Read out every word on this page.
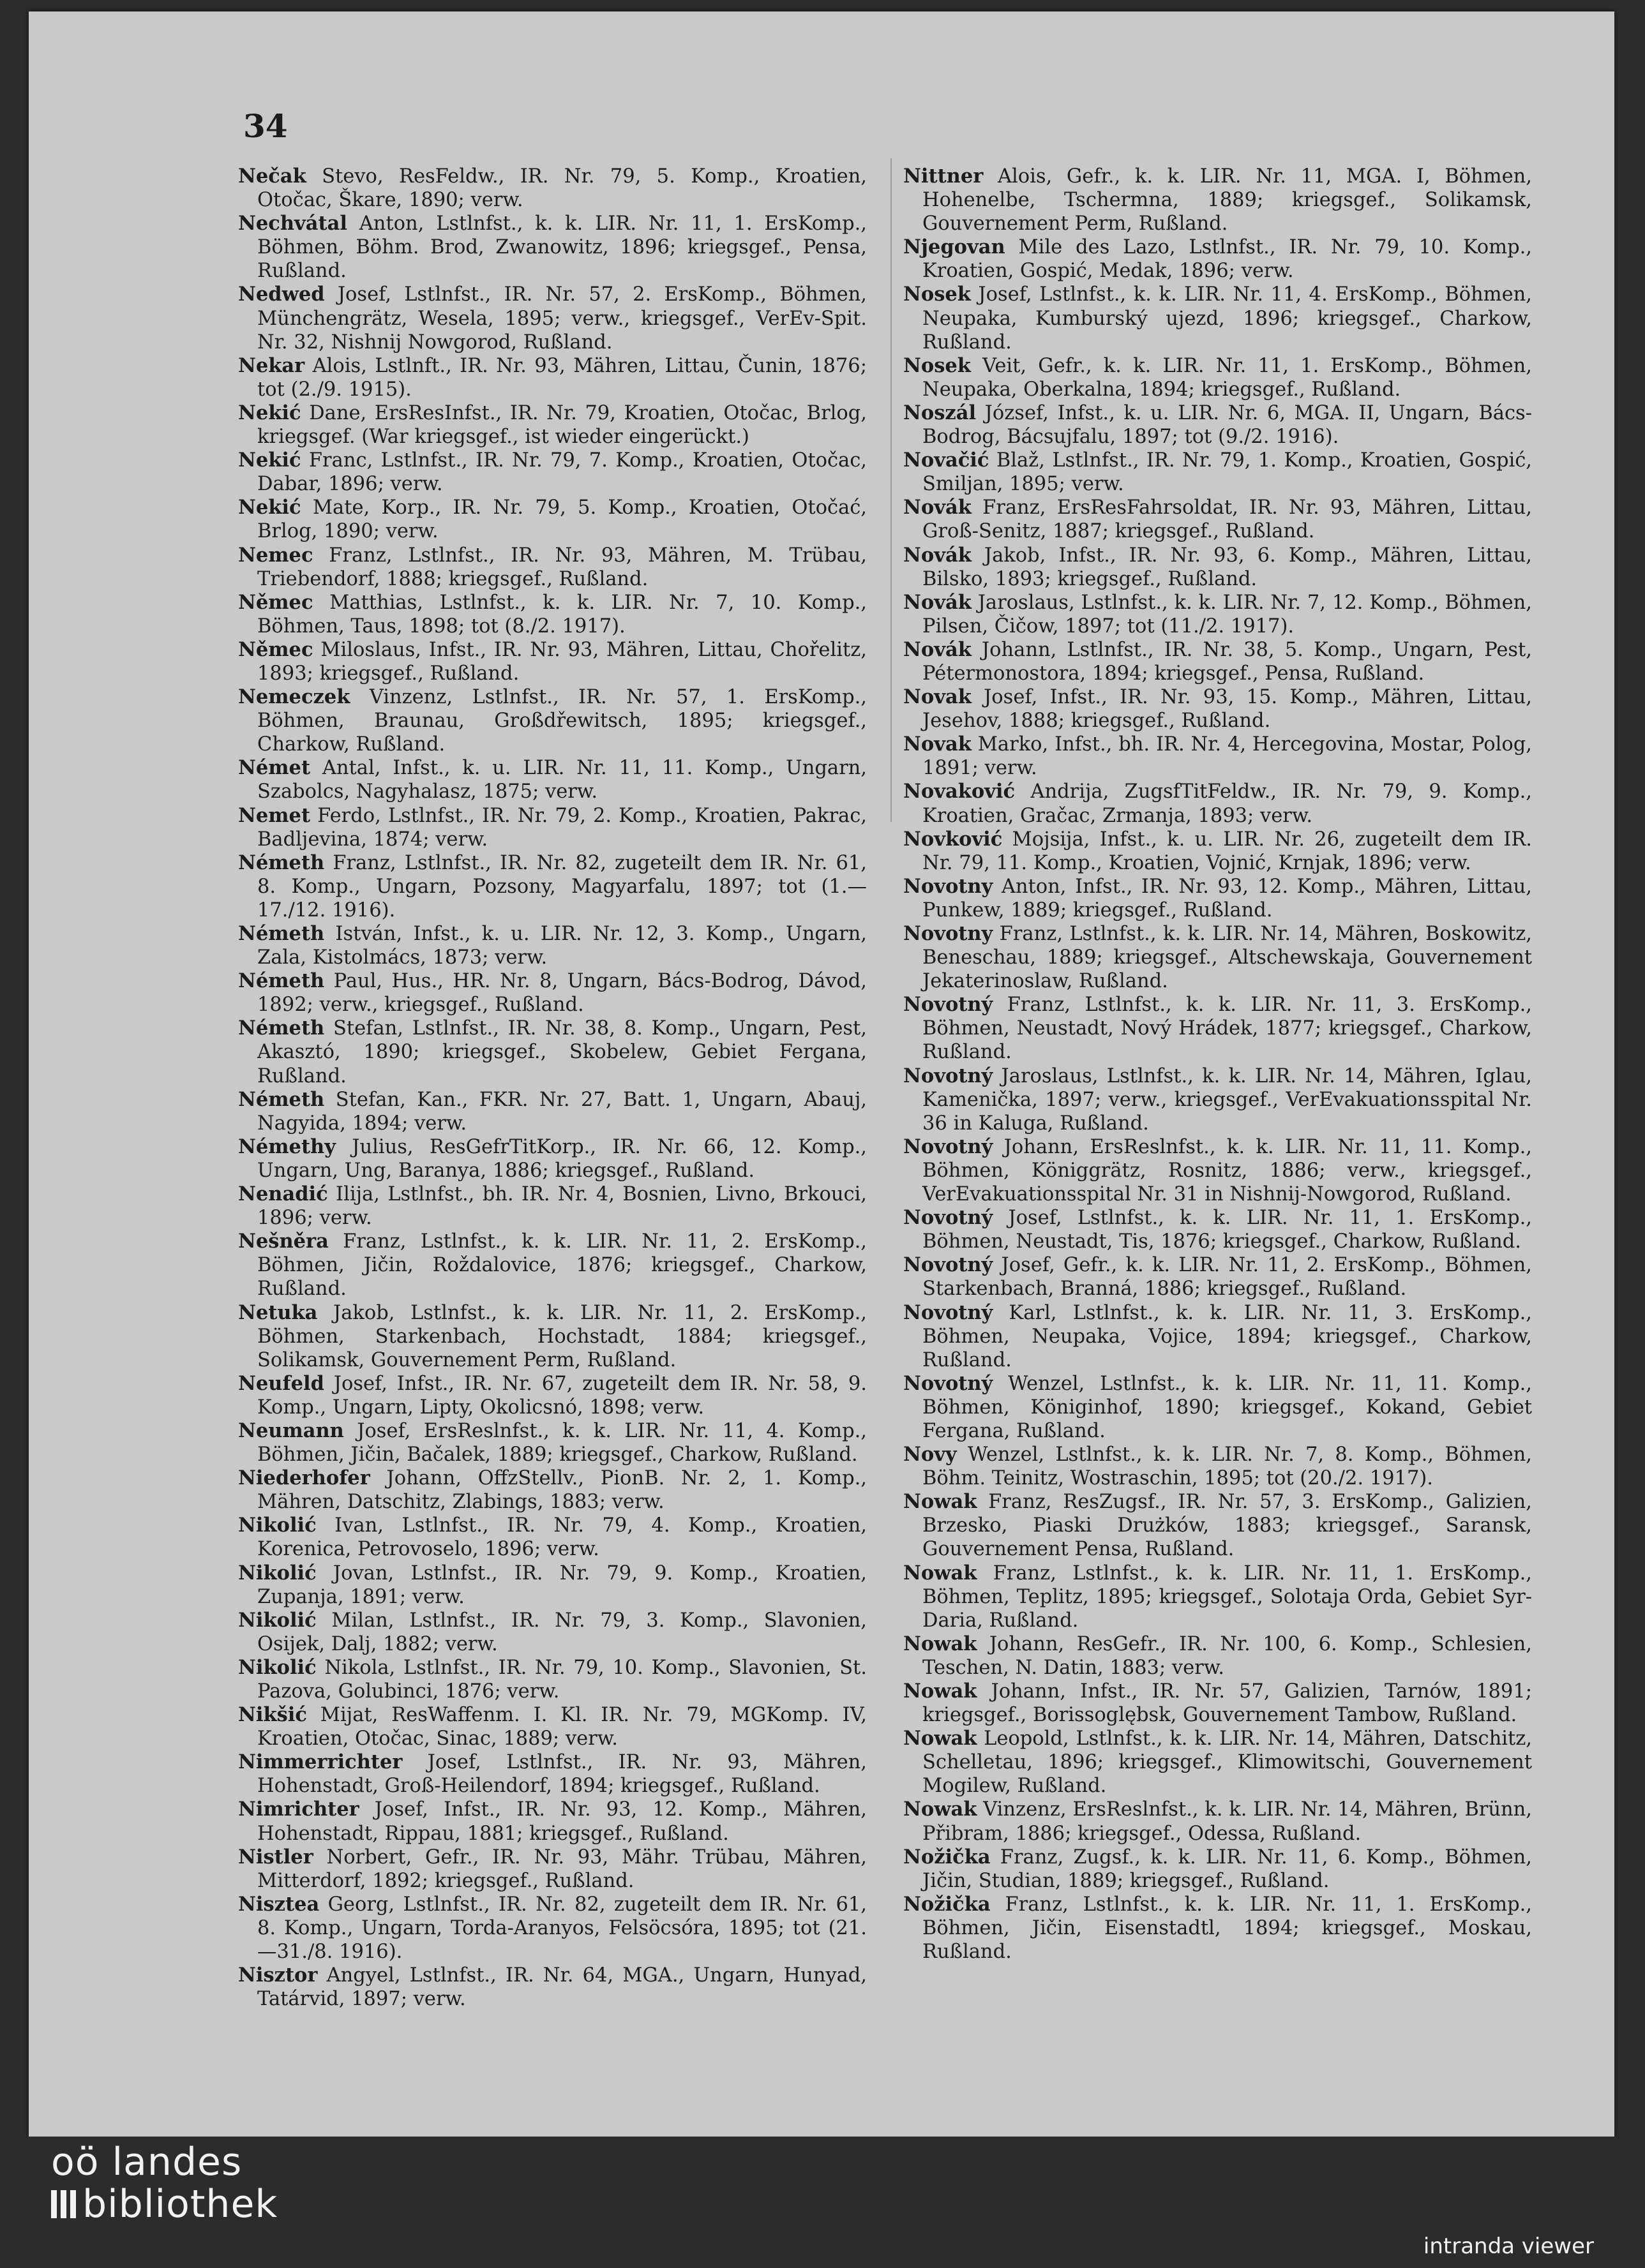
34

Nečak Stevo, ResFeldw., IR. Nr. 79, 5. Komp., Kroatien, Otočac, Škare, 1890; verw.

Nechvátal Anton, Lstlnfst., k. k. LIR. Nr. 11, 1. ErsKomp., Böhmen, Böhm. Brod, Zwanowitz, 1896; kriegsgef., Pensa, Rußland.

Nedwed Josef, Lstlnfst., IR. Nr. 57, 2. ErsKomp., Böhmen, Münchengrätz, Wesela, 1895; verw., kriegsgef., VerEv-Spit. Nr. 32, Nishnij Nowgorod, Rußland.

Nekar Alois, Lstlnft., IR. Nr. 93, Mähren, Littau, Čunin, 1876; tot (2./9. 1915).

Nekić Dane, ErsResInfst., IR. Nr. 79, Kroatien, Otočac, Brlog, kriegsgef. (War kriegsgef., ist wieder eingerückt.)

Nekić Franc, Lstlnfst., IR. Nr. 79, 7. Komp., Kroatien, Otočac, Dabar, 1896; verw.

Nekić Mate, Korp., IR. Nr. 79, 5. Komp., Kroatien, Otočać, Brlog, 1890; verw.

Nemec Franz, Lstlnfst., IR. Nr. 93, Mähren, M. Trübau, Triebendorf, 1888; kriegsgef., Rußland.

Němec Matthias, Lstlnfst., k. k. LIR. Nr. 7, 10. Komp., Böhmen, Taus, 1898; tot (8./2. 1917).

Němec Miloslaus, Infst., IR. Nr. 93, Mähren, Littau, Chořelitz, 1893; kriegsgef., Rußland.

Nemeczek Vinzenz, Lstlnfst., IR. Nr. 57, 1. ErsKomp., Böhmen, Braunau, Großdřewitsch, 1895; kriegsgef., Charkow, Rußland.

Német Antal, Infst., k. u. LIR. Nr. 11, 11. Komp., Ungarn, Szabolcs, Nagyhalasz, 1875; verw.

Nemet Ferdo, Lstlnfst., IR. Nr. 79, 2. Komp., Kroatien, Pakrac, Badljevina, 1874; verw.

Németh Franz, Lstlnfst., IR. Nr. 82, zugeteilt dem IR. Nr. 61, 8. Komp., Ungarn, Pozsony, Magyarfalu, 1897; tot (1.—17./12. 1916).

Németh István, Infst., k. u. LIR. Nr. 12, 3. Komp., Ungarn, Zala, Kistolmács, 1873; verw.

Németh Paul, Hus., HR. Nr. 8, Ungarn, Bács-Bodrog, Dávod, 1892; verw., kriegsgef., Rußland.

Németh Stefan, Lstlnfst., IR. Nr. 38, 8. Komp., Ungarn, Pest, Akasztó, 1890; kriegsgef., Skobelew, Gebiet Fergana, Rußland.

Németh Stefan, Kan., FKR. Nr. 27, Batt. 1, Ungarn, Abauj, Nagyida, 1894; verw.

Némethy Julius, ResGefrTitKorp., IR. Nr. 66, 12. Komp., Ungarn, Ung, Baranya, 1886; kriegsgef., Rußland.

Nenadić Ilija, Lstlnfst., bh. IR. Nr. 4, Bosnien, Livno, Brkouci, 1896; verw.

Nešněra Franz, Lstlnfst., k. k. LIR. Nr. 11, 2. ErsKomp., Böhmen, Jičin, Roždalovice, 1876; kriegsgef., Charkow, Rußland.

Netuka Jakob, Lstlnfst., k. k. LIR. Nr. 11, 2. ErsKomp., Böhmen, Starkenbach, Hochstadt, 1884; kriegsgef., Solikamsk, Gouvernement Perm, Rußland.

Neufeld Josef, Infst., IR. Nr. 67, zugeteilt dem IR. Nr. 58, 9. Komp., Ungarn, Lipty, Okolicsnó, 1898; verw.

Neumann Josef, ErsReslnfst., k. k. LIR. Nr. 11, 4. Komp., Böhmen, Jičin, Bačalek, 1889; kriegsgef., Charkow, Rußland.

Niederhofer Johann, OffzStellv., PionB. Nr. 2, 1. Komp., Mähren, Datschitz, Zlabings, 1883; verw.

Nikolić Ivan, Lstlnfst., IR. Nr. 79, 4. Komp., Kroatien, Korenica, Petrovoselo, 1896; verw.

Nikolić Jovan, Lstlnfst., IR. Nr. 79, 9. Komp., Kroatien, Zupanja, 1891; verw.

Nikolić Milan, Lstlnfst., IR. Nr. 79, 3. Komp., Slavonien, Osijek, Dalj, 1882; verw.

Nikolić Nikola, Lstlnfst., IR. Nr. 79, 10. Komp., Slavonien, St. Pazova, Golubinci, 1876; verw.

Nikšić Mijat, ResWaffenm. I. Kl. IR. Nr. 79, MGKomp. IV, Kroatien, Otočac, Sinac, 1889; verw.

Nimmerrichter Josef, Lstlnfst., IR. Nr. 93, Mähren, Hohenstadt, Groß-Heilendorf, 1894; kriegsgef., Rußland.

Nimrichter Josef, Infst., IR. Nr. 93, 12. Komp., Mähren, Hohenstadt, Rippau, 1881; kriegsgef., Rußland.

Nistler Norbert, Gefr., IR. Nr. 93, Mähr. Trübau, Mähren, Mitterdorf, 1892; kriegsgef., Rußland.

Nisztea Georg, Lstlnfst., IR. Nr. 82, zugeteilt dem IR. Nr. 61, 8. Komp., Ungarn, Torda-Aranyos, Felsöcsóra, 1895; tot (21.—31./8. 1916).

Nisztor Angyel, Lstlnfst., IR. Nr. 64, MGA., Ungarn, Hunyad, Tatárvid, 1897; verw.

Nittner Alois, Gefr., k. k. LIR. Nr. 11, MGA. I, Böhmen, Hohenelbe, Tschermna, 1889; kriegsgef., Solikamsk, Gouvernement Perm, Rußland.

Njegovan Mile des Lazo, Lstlnfst., IR. Nr. 79, 10. Komp., Kroatien, Gospić, Medak, 1896; verw.

Nosek Josef, Lstlnfst., k. k. LIR. Nr. 11, 4. ErsKomp., Böhmen, Neupaka, Kumburský ujezd, 1896; kriegsgef., Charkow, Rußland.

Nosek Veit, Gefr., k. k. LIR. Nr. 11, 1. ErsKomp., Böhmen, Neupaka, Oberkalna, 1894; kriegsgef., Rußland.

Noszál József, Infst., k. u. LIR. Nr. 6, MGA. II, Ungarn, Bács-Bodrog, Bácsujfalu, 1897; tot (9./2. 1916).

Novačić Blaž, Lstlnfst., IR. Nr. 79, 1. Komp., Kroatien, Gospić, Smiljan, 1895; verw.

Novák Franz, ErsResFahrsoldat, IR. Nr. 93, Mähren, Littau, Groß-Senitz, 1887; kriegsgef., Rußland.

Novák Jakob, Infst., IR. Nr. 93, 6. Komp., Mähren, Littau, Bilsko, 1893; kriegsgef., Rußland.

Novák Jaroslaus, Lstlnfst., k. k. LIR. Nr. 7, 12. Komp., Böhmen, Pilsen, Čičow, 1897; tot (11./2. 1917).

Novák Johann, Lstlnfst., IR. Nr. 38, 5. Komp., Ungarn, Pest, Pétermonostora, 1894; kriegsgef., Pensa, Rußland.

Novak Josef, Infst., IR. Nr. 93, 15. Komp., Mähren, Littau, Jesehov, 1888; kriegsgef., Rußland.

Novak Marko, Infst., bh. IR. Nr. 4, Hercegovina, Mostar, Polog, 1891; verw.

Novaković Andrija, ZugsfTitFeldw., IR. Nr. 79, 9. Komp., Kroatien, Gračac, Zrmanja, 1893; verw.

Novković Mojsija, Infst., k. u. LIR. Nr. 26, zugeteilt dem IR. Nr. 79, 11. Komp., Kroatien, Vojnić, Krnjak, 1896; verw.

Novotny Anton, Infst., IR. Nr. 93, 12. Komp., Mähren, Littau, Punkew, 1889; kriegsgef., Rußland.

Novotny Franz, Lstlnfst., k. k. LIR. Nr. 14, Mähren, Boskowitz, Beneschau, 1889; kriegsgef., Altschewskaja, Gouvernement Jekaterinoslaw, Rußland.

Novotný Franz, Lstlnfst., k. k. LIR. Nr. 11, 3. ErsKomp., Böhmen, Neustadt, Nový Hrádek, 1877; kriegsgef., Charkow, Rußland.

Novotný Jaroslaus, Lstlnfst., k. k. LIR. Nr. 14, Mähren, Iglau, Kamenička, 1897; verw., kriegsgef., VerEvakuationsspital Nr. 36 in Kaluga, Rußland.

Novotný Johann, ErsReslnfst., k. k. LIR. Nr. 11, 11. Komp., Böhmen, Königgrätz, Rosnitz, 1886; verw., kriegsgef., VerEvakuationsspital Nr. 31 in Nishnij-Nowgorod, Rußland.

Novotný Josef, Lstlnfst., k. k. LIR. Nr. 11, 1. ErsKomp., Böhmen, Neustadt, Tis, 1876; kriegsgef., Charkow, Rußland.

Novotný Josef, Gefr., k. k. LIR. Nr. 11, 2. ErsKomp., Böhmen, Starkenbach, Branná, 1886; kriegsgef., Rußland.

Novotný Karl, Lstlnfst., k. k. LIR. Nr. 11, 3. ErsKomp., Böhmen, Neupaka, Vojice, 1894; kriegsgef., Charkow, Rußland.

Novotný Wenzel, Lstlnfst., k. k. LIR. Nr. 11, 11. Komp., Böhmen, Königinhof, 1890; kriegsgef., Kokand, Gebiet Fergana, Rußland.

Novy Wenzel, Lstlnfst., k. k. LIR. Nr. 7, 8. Komp., Böhmen, Böhm. Teinitz, Wostraschin, 1895; tot (20./2. 1917).

Nowak Franz, ResZugsf., IR. Nr. 57, 3. ErsKomp., Galizien, Brzesko, Piaski Drużków, 1883; kriegsgef., Saransk, Gouvernement Pensa, Rußland.

Nowak Franz, Lstlnfst., k. k. LIR. Nr. 11, 1. ErsKomp., Böhmen, Teplitz, 1895; kriegsgef., Solotaja Orda, Gebiet Syr-Daria, Rußland.

Nowak Johann, ResGefr., IR. Nr. 100, 6. Komp., Schlesien, Teschen, N. Datin, 1883; verw.

Nowak Johann, Infst., IR. Nr. 57, Galizien, Tarnów, 1891; kriegsgef., Borissoglębsk, Gouvernement Tambow, Rußland.

Nowak Leopold, Lstlnfst., k. k. LIR. Nr. 14, Mähren, Datschitz, Schelletau, 1896; kriegsgef., Klimowitschi, Gouvernement Mogilew, Rußland.

Nowak Vinzenz, ErsReslnfst., k. k. LIR. Nr. 14, Mähren, Brünn, Přibram, 1886; kriegsgef., Odessa, Rußland.

Nožička Franz, Zugsf., k. k. LIR. Nr. 11, 6. Komp., Böhmen, Jičin, Studian, 1889; kriegsgef., Rußland.

Nožička Franz, Lstlnfst., k. k. LIR. Nr. 11, 1. ErsKomp., Böhmen, Jičin, Eisenstadtl, 1894; kriegsgef., Moskau, Rußland.

oö landes
bibliothek
intranda viewer
